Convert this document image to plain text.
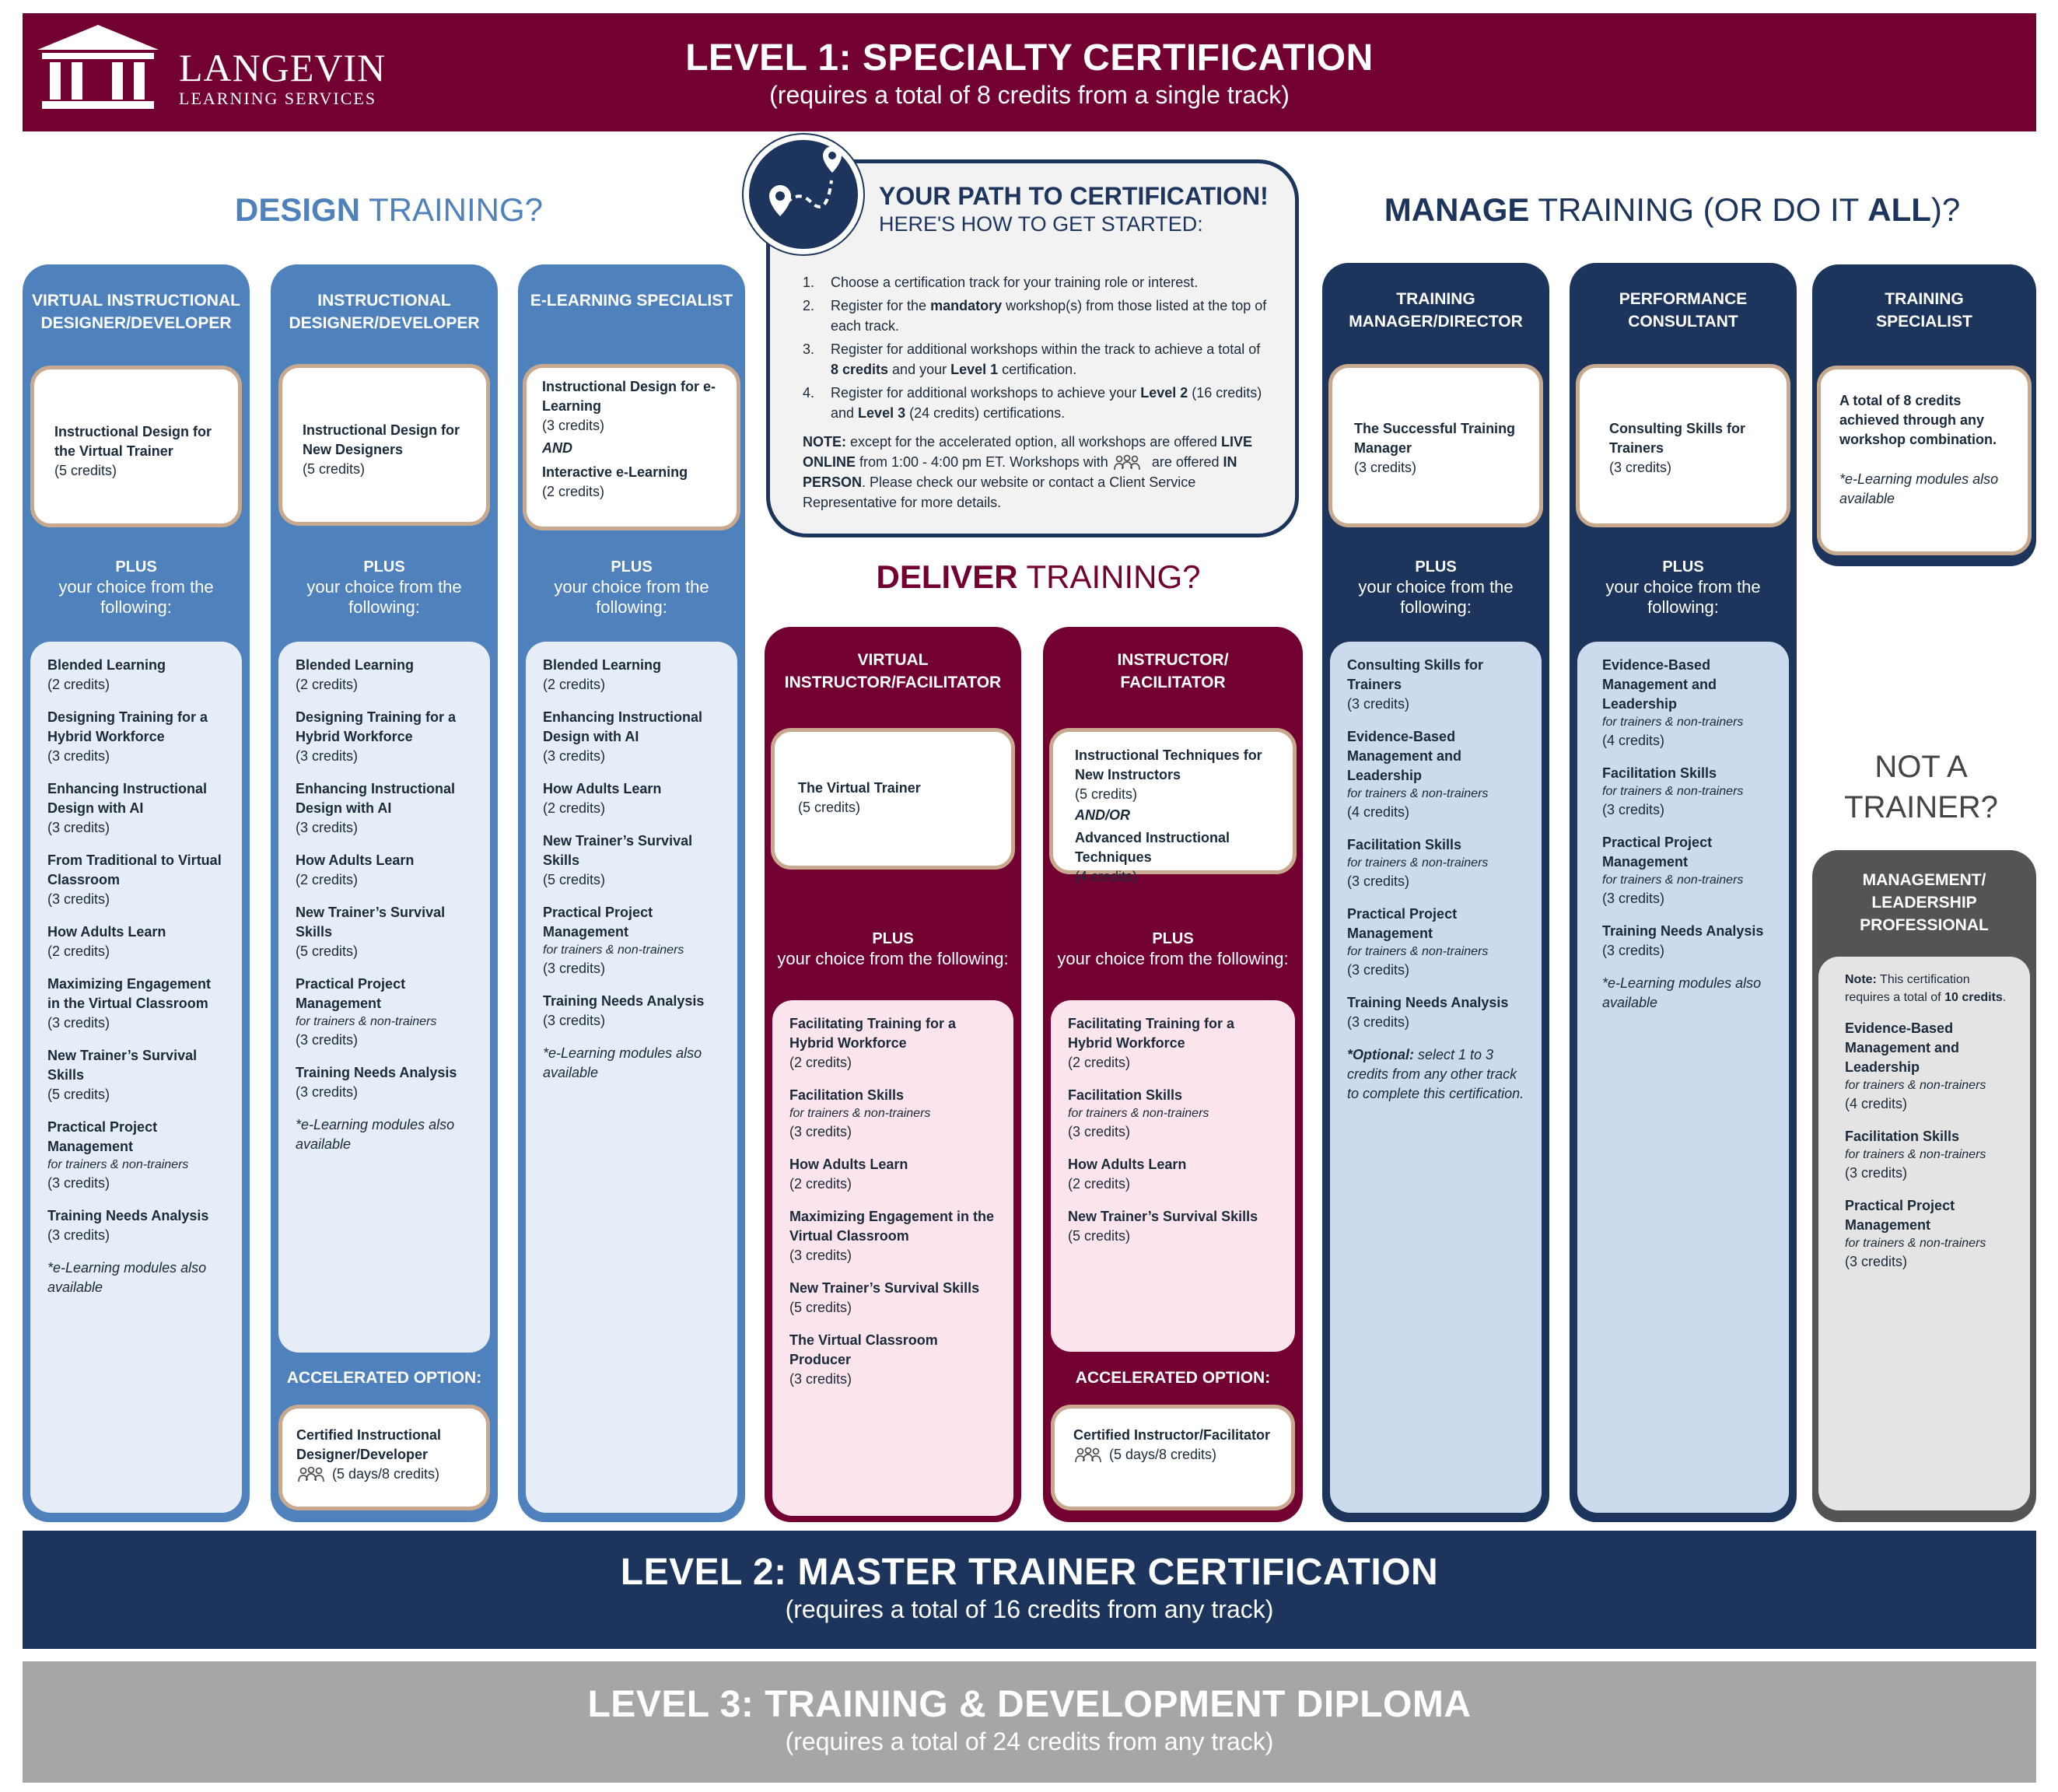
LEVEL 1: SPECIALTY CERTIFICATION
(requires a total of 8 credits from a single track)
LANGEVIN
LEARNING SERVICES
DESIGN TRAINING?	MANAGE TRAINING (OR DO IT ALL)?
DELIVER TRAINING?
NOT A
TRAINER?
YOUR PATH TO CERTIFICATION!
HERE'S HOW TO GET STARTED:
1.	Choose a certification track for your training role or interest.
2.	Register for the mandatory workshop(s) from those listed at the top of each track.
3.	Register for additional workshops within the track to achieve a total of 8 credits and your Level 1 certification.
4.	Register for additional workshops to achieve your Level 2 (16 credits) and Level 3 (24 credits) certifications.
NOTE: except for the accelerated option, all workshops are offered LIVE ONLINE from 1:00 - 4:00 pm ET. Workshops with	are offered IN PERSON. Please check our website or contact a Client Service Representative for more details.
VIRTUAL INSTRUCTIONAL DESIGNER/DEVELOPER
Instructional Design for the Virtual Trainer
(5 credits)
PLUS
your choice from the following:
Blended Learning
(2 credits)
Designing Training for a Hybrid Workforce
(3 credits)
Enhancing Instructional Design with AI
(3 credits)
From Traditional to Virtual Classroom
(3 credits)
How Adults Learn
(2 credits)
Maximizing Engagement in the Virtual Classroom
(3 credits)
New Trainer’s Survival Skills
(5 credits)
Practical Project Management
for trainers & non-trainers
(3 credits)
Training Needs Analysis
(3 credits)
*e-Learning modules also available
INSTRUCTIONAL DESIGNER/DEVELOPER
Instructional Design for New Designers
(5 credits)
PLUS
your choice from the following:
Blended Learning
(2 credits)
Designing Training for a Hybrid Workforce
(3 credits)
Enhancing Instructional Design with AI
(3 credits)
How Adults Learn
(2 credits)
New Trainer’s Survival Skills
(5 credits)
Practical Project Management
for trainers & non-trainers
(3 credits)
Training Needs Analysis
(3 credits)
*e-Learning modules also available
ACCELERATED OPTION:
Certified Instructional Designer/Developer
(5 days/8 credits)
E-LEARNING SPECIALIST
Instructional Design for e-Learning
(3 credits)
AND
Interactive e-Learning
(2 credits)
PLUS
your choice from the following:
Blended Learning
(2 credits)
Enhancing Instructional Design with AI
(3 credits)
How Adults Learn
(2 credits)
New Trainer’s Survival Skills
(5 credits)
Practical Project Management
for trainers & non-trainers
(3 credits)
Training Needs Analysis
(3 credits)
*e-Learning modules also available
VIRTUAL INSTRUCTOR/FACILITATOR
The Virtual Trainer
(5 credits)
PLUS
your choice from the following:
Facilitating Training for a Hybrid Workforce
(2 credits)
Facilitation Skills
for trainers & non-trainers
(3 credits)
How Adults Learn
(2 credits)
Maximizing Engagement in the Virtual Classroom
(3 credits)
New Trainer’s Survival Skills
(5 credits)
The Virtual Classroom Producer
(3 credits)
INSTRUCTOR/ FACILITATOR
Instructional Techniques for New Instructors
(5 credits)
AND/OR
Advanced Instructional Techniques
(4 credits)
PLUS
your choice from the following:
Facilitating Training for a Hybrid Workforce
(2 credits)
Facilitation Skills
for trainers & non-trainers
(3 credits)
How Adults Learn
(2 credits)
New Trainer’s Survival Skills
(5 credits)
ACCELERATED OPTION:
Certified Instructor/Facilitator
(5 days/8 credits)
TRAINING MANAGER/DIRECTOR
The Successful Training Manager
(3 credits)
PLUS
your choice from the following:
Consulting Skills for Trainers
(3 credits)
Evidence-Based Management and Leadership
for trainers & non-trainers
(4 credits)
Facilitation Skills
for trainers & non-trainers
(3 credits)
Practical Project Management
for trainers & non-trainers
(3 credits)
Training Needs Analysis
(3 credits)
*Optional: select 1 to 3 credits from any other track to complete this certification.
PERFORMANCE CONSULTANT
Consulting Skills for Trainers
(3 credits)
PLUS
your choice from the following:
Evidence-Based Management and Leadership
for trainers & non-trainers
(4 credits)
Facilitation Skills
for trainers & non-trainers
(3 credits)
Practical Project Management
for trainers & non-trainers
(3 credits)
Training Needs Analysis
(3 credits)
*e-Learning modules also available
TRAINING SPECIALIST
A total of 8 credits achieved through any workshop combination.
*e-Learning modules also available
MANAGEMENT/ LEADERSHIP PROFESSIONAL
Note: This certification requires a total of 10 credits.
Evidence-Based Management and Leadership
for trainers & non-trainers
(4 credits)
Facilitation Skills
for trainers & non-trainers
(3 credits)
Practical Project Management
for trainers & non-trainers
(3 credits)
LEVEL 2: MASTER TRAINER CERTIFICATION
(requires a total of 16 credits from any track)
LEVEL 3: TRAINING & DEVELOPMENT DIPLOMA
(requires a total of 24 credits from any track)
